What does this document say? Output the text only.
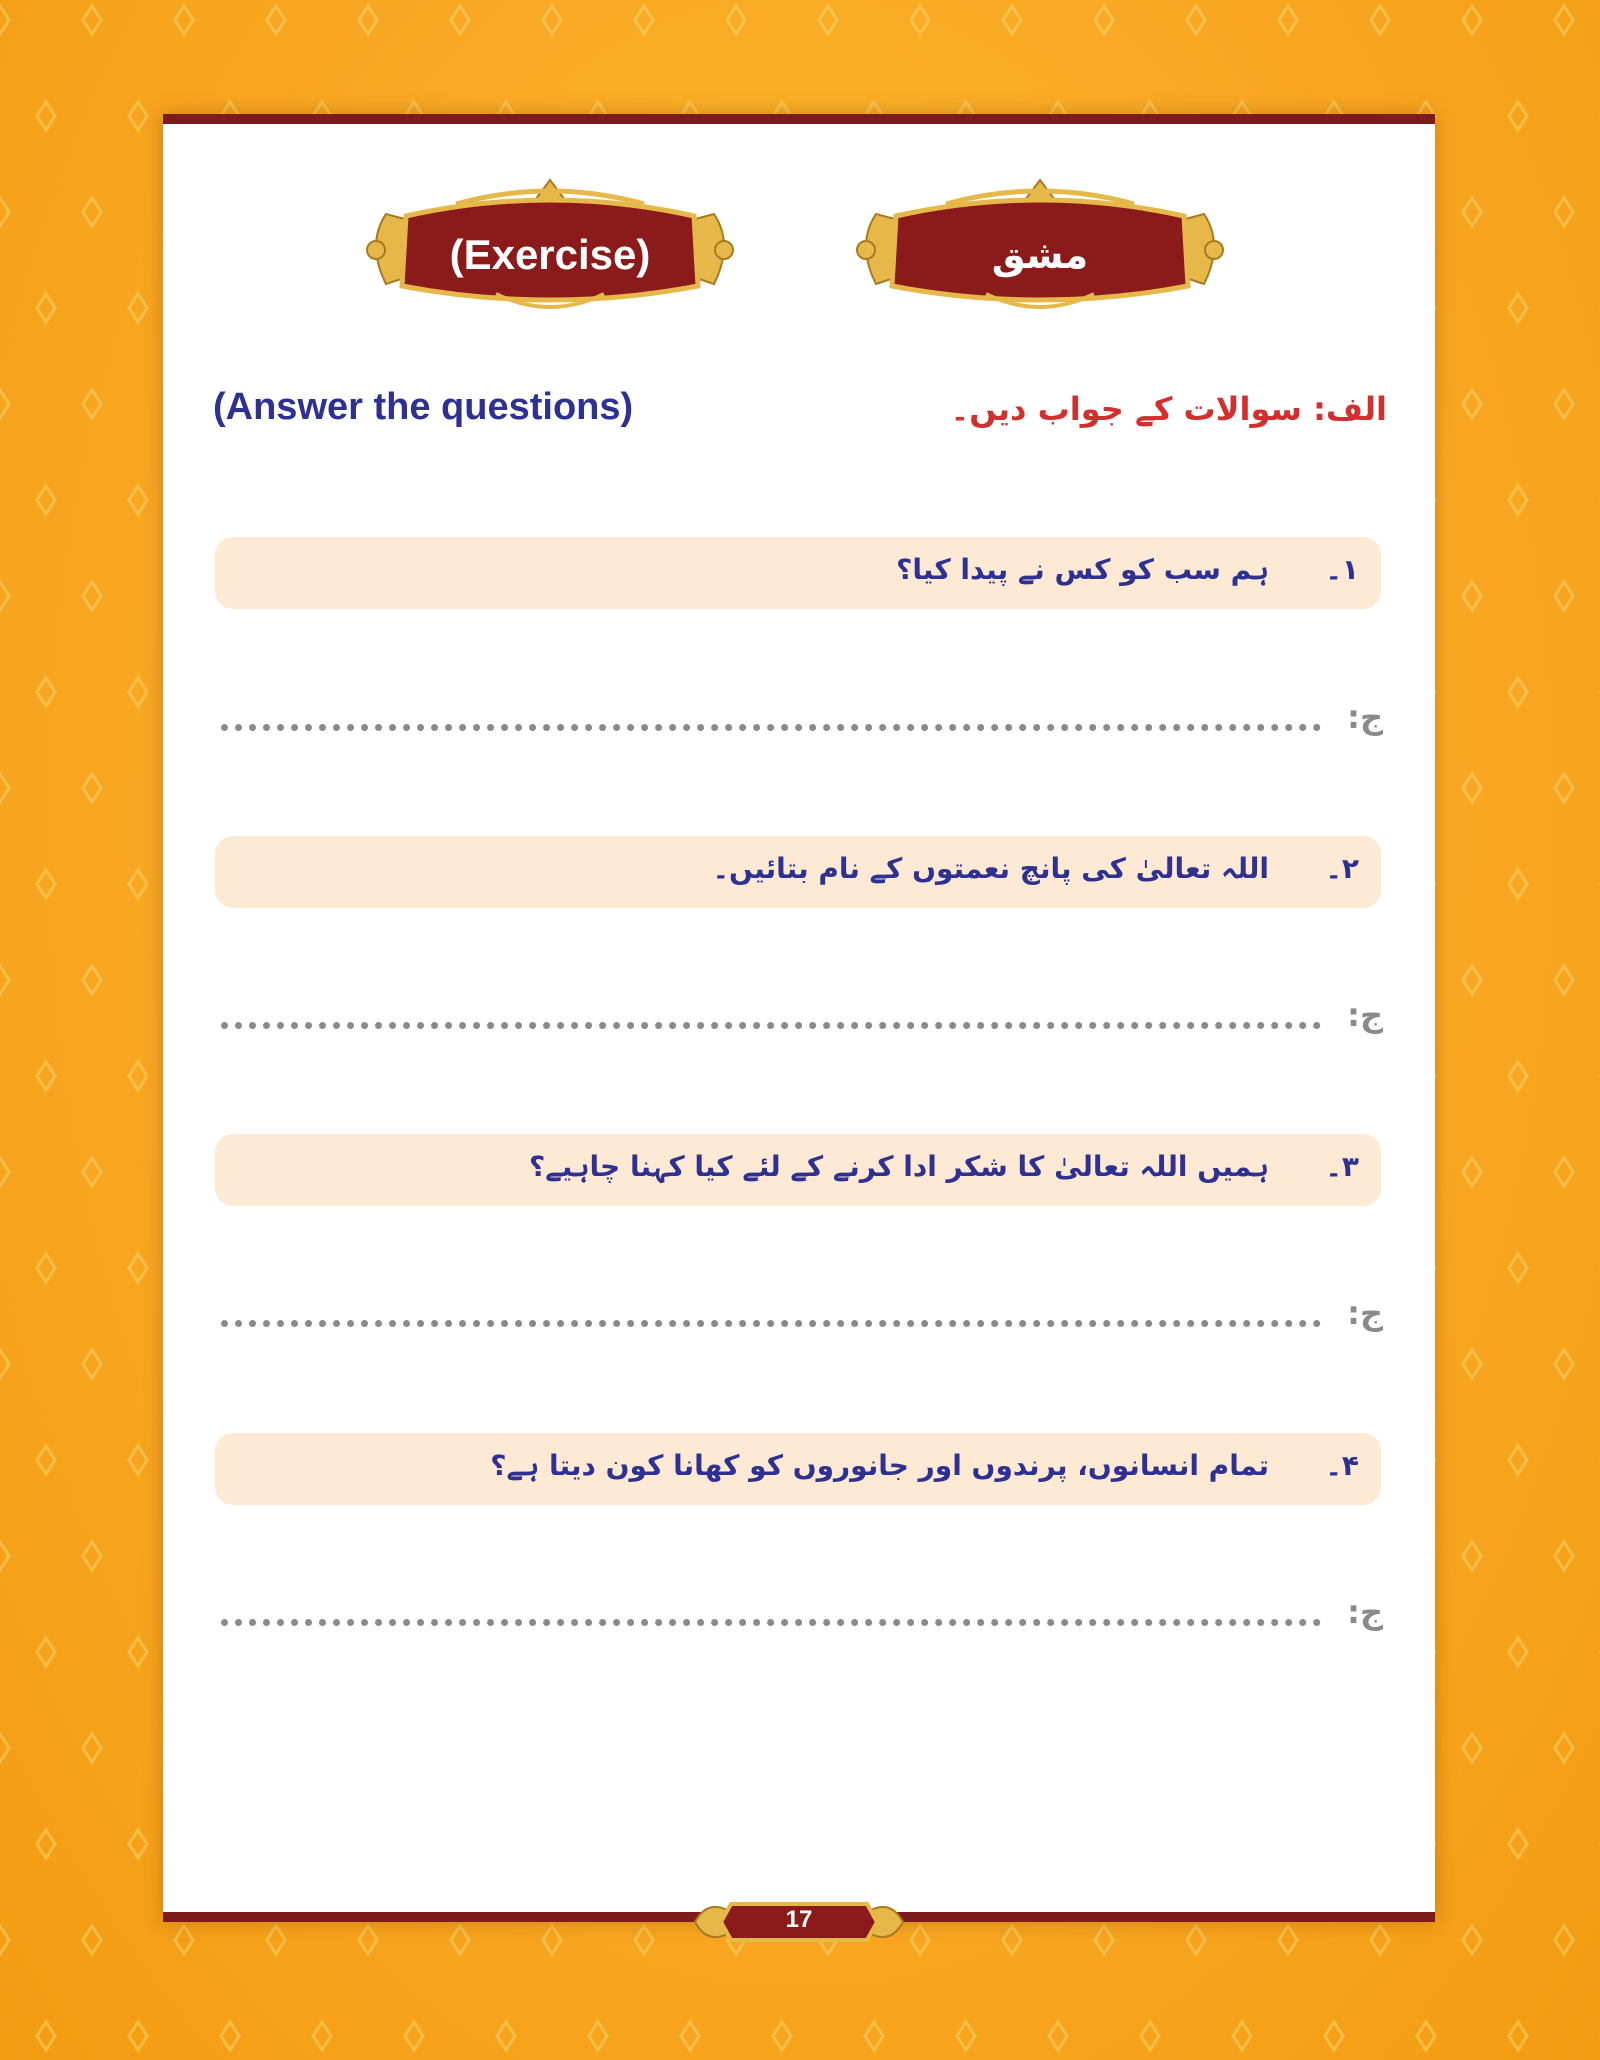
(Exercise)	مشق
(Answer the questions)	الف: سوالات کے جواب دیں۔
۱۔
ہم سب کو کس نے پیدا کیا؟
ج:
۲۔
اللہ تعالیٰ کی پانچ نعمتوں کے نام بتائیں۔
ج:
۳۔
ہمیں اللہ تعالیٰ کا شکر ادا کرنے کے لئے کیا کہنا چاہیے؟
ج:
۴۔
تمام انسانوں، پرندوں اور جانوروں کو کھانا کون دیتا ہے؟
ج:
17
